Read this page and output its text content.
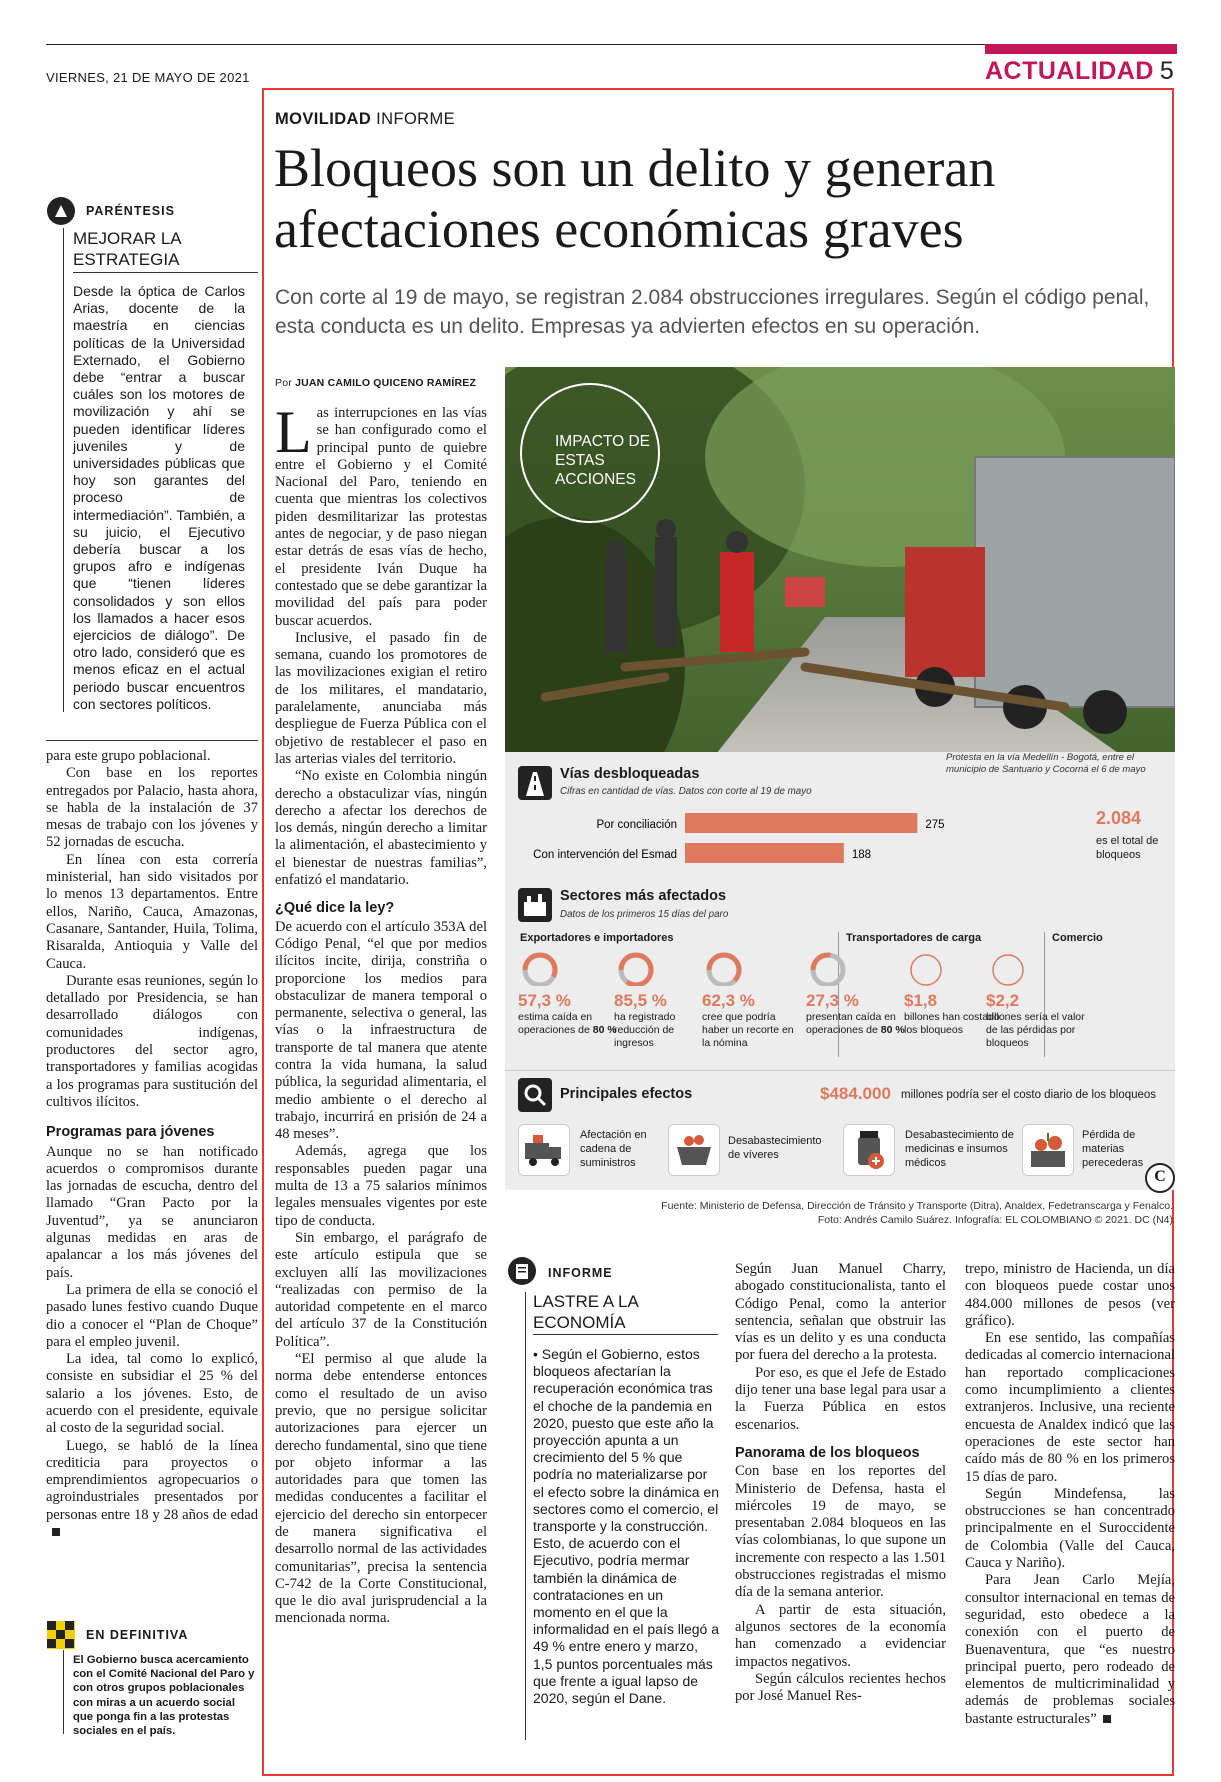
VIERNES, 21 DE MAYO DE 2021	ACTUALIDAD 5
PARÉNTESIS
MEJORAR LA ESTRATEGIA
Desde la óptica de Carlos Arias, docente de la maestría en ciencias políticas de la Universidad Externado, el Gobierno debe “entrar a buscar cuáles son los motores de movilización y ahí se pueden identificar líderes juveniles y de universidades públicas que hoy son garantes del proceso de intermediación”. También, a su juicio, el Ejecutivo debería buscar a los grupos afro e indígenas que “tienen líderes consolidados y son ellos los llamados a hacer esos ejercicios de diálogo”. De otro lado, consideró que es menos eficaz en el actual periodo buscar encuentros con sectores políticos.

para este grupo poblacional.

Con base en los reportes entregados por Palacio, hasta ahora, se habla de la instalación de 37 mesas de trabajo con los jóvenes y 52 jornadas de escucha.

En línea con esta correría ministerial, han sido visitados por lo menos 13 departamentos. Entre ellos, Nariño, Cauca, Amazonas, Casanare, Santander, Huila, Tolima, Risaralda, Antioquia y Valle del Cauca.

Durante esas reuniones, según lo detallado por Presidencia, se han desarrollado diálogos con comunidades indígenas, productores del sector agro, transportadores y familias acogidas a los programas para sustitución del cultivos ilícitos.

Programas para jóvenes

Aunque no se han notificado acuerdos o compromisos durante las jornadas de escucha, dentro del llamado “Gran Pacto por la Juventud”, ya se anunciaron algunas medidas en aras de apalancar a los más jóvenes del país.

La primera de ella se conoció el pasado lunes festivo cuando Duque dio a conocer el “Plan de Choque” para el empleo juvenil.

La idea, tal como lo explicó, consiste en subsidiar el 25 % del salario a los jóvenes. Esto, de acuerdo con el presidente, equivale al costo de la seguridad social.

Luego, se habló de la línea crediticia para proyectos o emprendimientos agropecuarios o agroindustriales presentados por personas entre 18 y 28 años de edad

EN DEFINITIVA
El Gobierno busca acercamiento con el Comité Nacional del Paro y con otros grupos poblacionales con miras a un acuerdo social que ponga fin a las protestas sociales en el país.
MOVILIDAD INFORME
Bloqueos son un delito y generan afectaciones económicas graves
Con corte al 19 de mayo, se registran 2.084 obstrucciones irregulares. Según el código penal, esta conducta es un delito. Empresas ya advierten efectos en su operación.
Por JUAN CAMILO QUICENO RAMÍREZ

Las interrupciones en las vías se han configurado como el principal punto de quiebre entre el Gobierno y el Comité Nacional del Paro, teniendo en cuenta que mientras los colectivos piden desmilitarizar las protestas antes de negociar, y de paso niegan estar detrás de esas vías de hecho, el presidente Iván Duque ha contestado que se debe garantizar la movilidad del país para poder buscar acuerdos.

Inclusive, el pasado fin de semana, cuando los promotores de las movilizaciones exigian el retiro de los militares, el mandatario, paralelamente, anunciaba más despliegue de Fuerza Pública con el objetivo de restablecer el paso en las arterias viales del territorio.

“No existe en Colombia ningún derecho a obstaculizar vías, ningún derecho a afectar los derechos de los demás, ningún derecho a limitar la alimentación, el abastecimiento y el bienestar de nuestras familias”, enfatizó el mandatario.

¿Qué dice la ley?

De acuerdo con el artículo 353A del Código Penal, “el que por medios ilícitos incite, dirija, constriña o proporcione los medios para obstaculizar de manera temporal o permanente, selectiva o general, las vías o la infraestructura de transporte de tal manera que atente contra la vida humana, la salud pública, la seguridad alimentaria, el medio ambiente o el derecho al trabajo, incurrirá en prisión de 24 a 48 meses”.

Además, agrega que los responsables pueden pagar una multa de 13 a 75 salarios mínimos legales mensuales vigentes por este tipo de conducta.

Sin embargo, el parágrafo de este artículo estipula que se excluyen allí las movilizaciones “realizadas con permiso de la autoridad competente en el marco del artículo 37 de la Constitución Política”.

“El permiso al que alude la norma debe entenderse entonces como el resultado de un aviso previo, que no persigue solicitar autorizaciones para ejercer un derecho fundamental, sino que tiene por objeto informar a las autoridades para que tomen las medidas conducentes a facilitar el ejercicio del derecho sin entorpecer de manera significativa el desarrollo normal de las actividades comunitarias”, precisa la sentencia C-742 de la Corte Constitucional, que le dio aval jurisprudencial a la mencionada norma.

IMPACTO DE ESTAS ACCIONES
Protesta en la vía Medellín - Bogotá, entre el municipio de Santuario y Cocorná el 6 de mayo
Vías desbloqueadas
Cifras en cantidad de vías. Datos con corte al 19 de mayo
Por conciliación	275
Con intervención del Esmad	188
2.084
es el total de bloqueos
Sectores más afectados
Datos de los primeros 15 días del paro
Exportadores e importadores	Transportadores de carga	Comercio
57,3 %
estima caída en operaciones de 80 %
85,5 %
ha registrado reducción de ingresos
62,3 %
cree que podría haber un recorte en la nómina
27,3 %
presentan caída en operaciones de 80 %
$1,8
billones han costado los bloqueos
$2,2
billones sería el valor de las pérdidas por bloqueos
Principales efectos	$484.000 millones podría ser el costo diario de los bloqueos
Afectación en cadena de suministros
Desabastecimiento de víveres
Desabastecimiento de medicinas e insumos médicos
Pérdida de materias perecederas
C
Fuente: Ministerio de Defensa, Dirección de Tránsito y Transporte (Ditra), Analdex, Fedetranscarga y Fenalco.
Foto: Andrés Camilo Suárez. Infografía: EL COLOMBIANO © 2021. DC (N4)
INFORME
LASTRE A LA ECONOMÍA
• Según el Gobierno, estos bloqueos afectarían la recuperación económica tras el choche de la pandemia en 2020, puesto que este año la proyección apunta a un crecimiento del 5 % que podría no materializarse por el efecto sobre la dinámica en sectores como el comercio, el transporte y la construcción. Esto, de acuerdo con el Ejecutivo, podría mermar también la dinámica de contrataciones en un momento en el que la informalidad en el país llegó a 49 % entre enero y marzo, 1,5 puntos porcentuales más que frente a igual lapso de 2020, según el Dane.

Según Juan Manuel Charry, abogado constitucionalista, tanto el Código Penal, como la anterior sentencia, señalan que obstruir las vías es un delito y es una conducta por fuera del derecho a la protesta.

Por eso, es que el Jefe de Estado dijo tener una base legal para usar a la Fuerza Pública en estos escenarios.

Panorama de los bloqueos

Con base en los reportes del Ministerio de Defensa, hasta el miércoles 19 de mayo, se presentaban 2.084 bloqueos en las vías colombianas, lo que supone un incremente con respecto a las 1.501 obstrucciones registradas el mismo día de la semana anterior.

A partir de esta situación, algunos sectores de la economía han comenzado a evidenciar impactos negativos.

Según cálculos recientes hechos por José Manuel Res-

trepo, ministro de Hacienda, un día con bloqueos puede costar unos 484.000 millones de pesos (ver gráfico).

En ese sentido, las compañías dedicadas al comercio internacional han reportado complicaciones como incumplimiento a clientes extranjeros. Inclusive, una reciente encuesta de Analdex indicó que las operaciones de este sector han caído más de 80 % en los primeros 15 días de paro.

Según Mindefensa, las obstrucciones se han concentrado principalmente en el Suroccidente de Colombia (Valle del Cauca, Cauca y Nariño).

Para Jean Carlo Mejía, consultor internacional en temas de seguridad, esto obedece a la conexión con el puerto de Buenaventura, que “es nuestro principal puerto, pero rodeado de elementos de multicriminalidad y además de problemas sociales bastante estructurales”
